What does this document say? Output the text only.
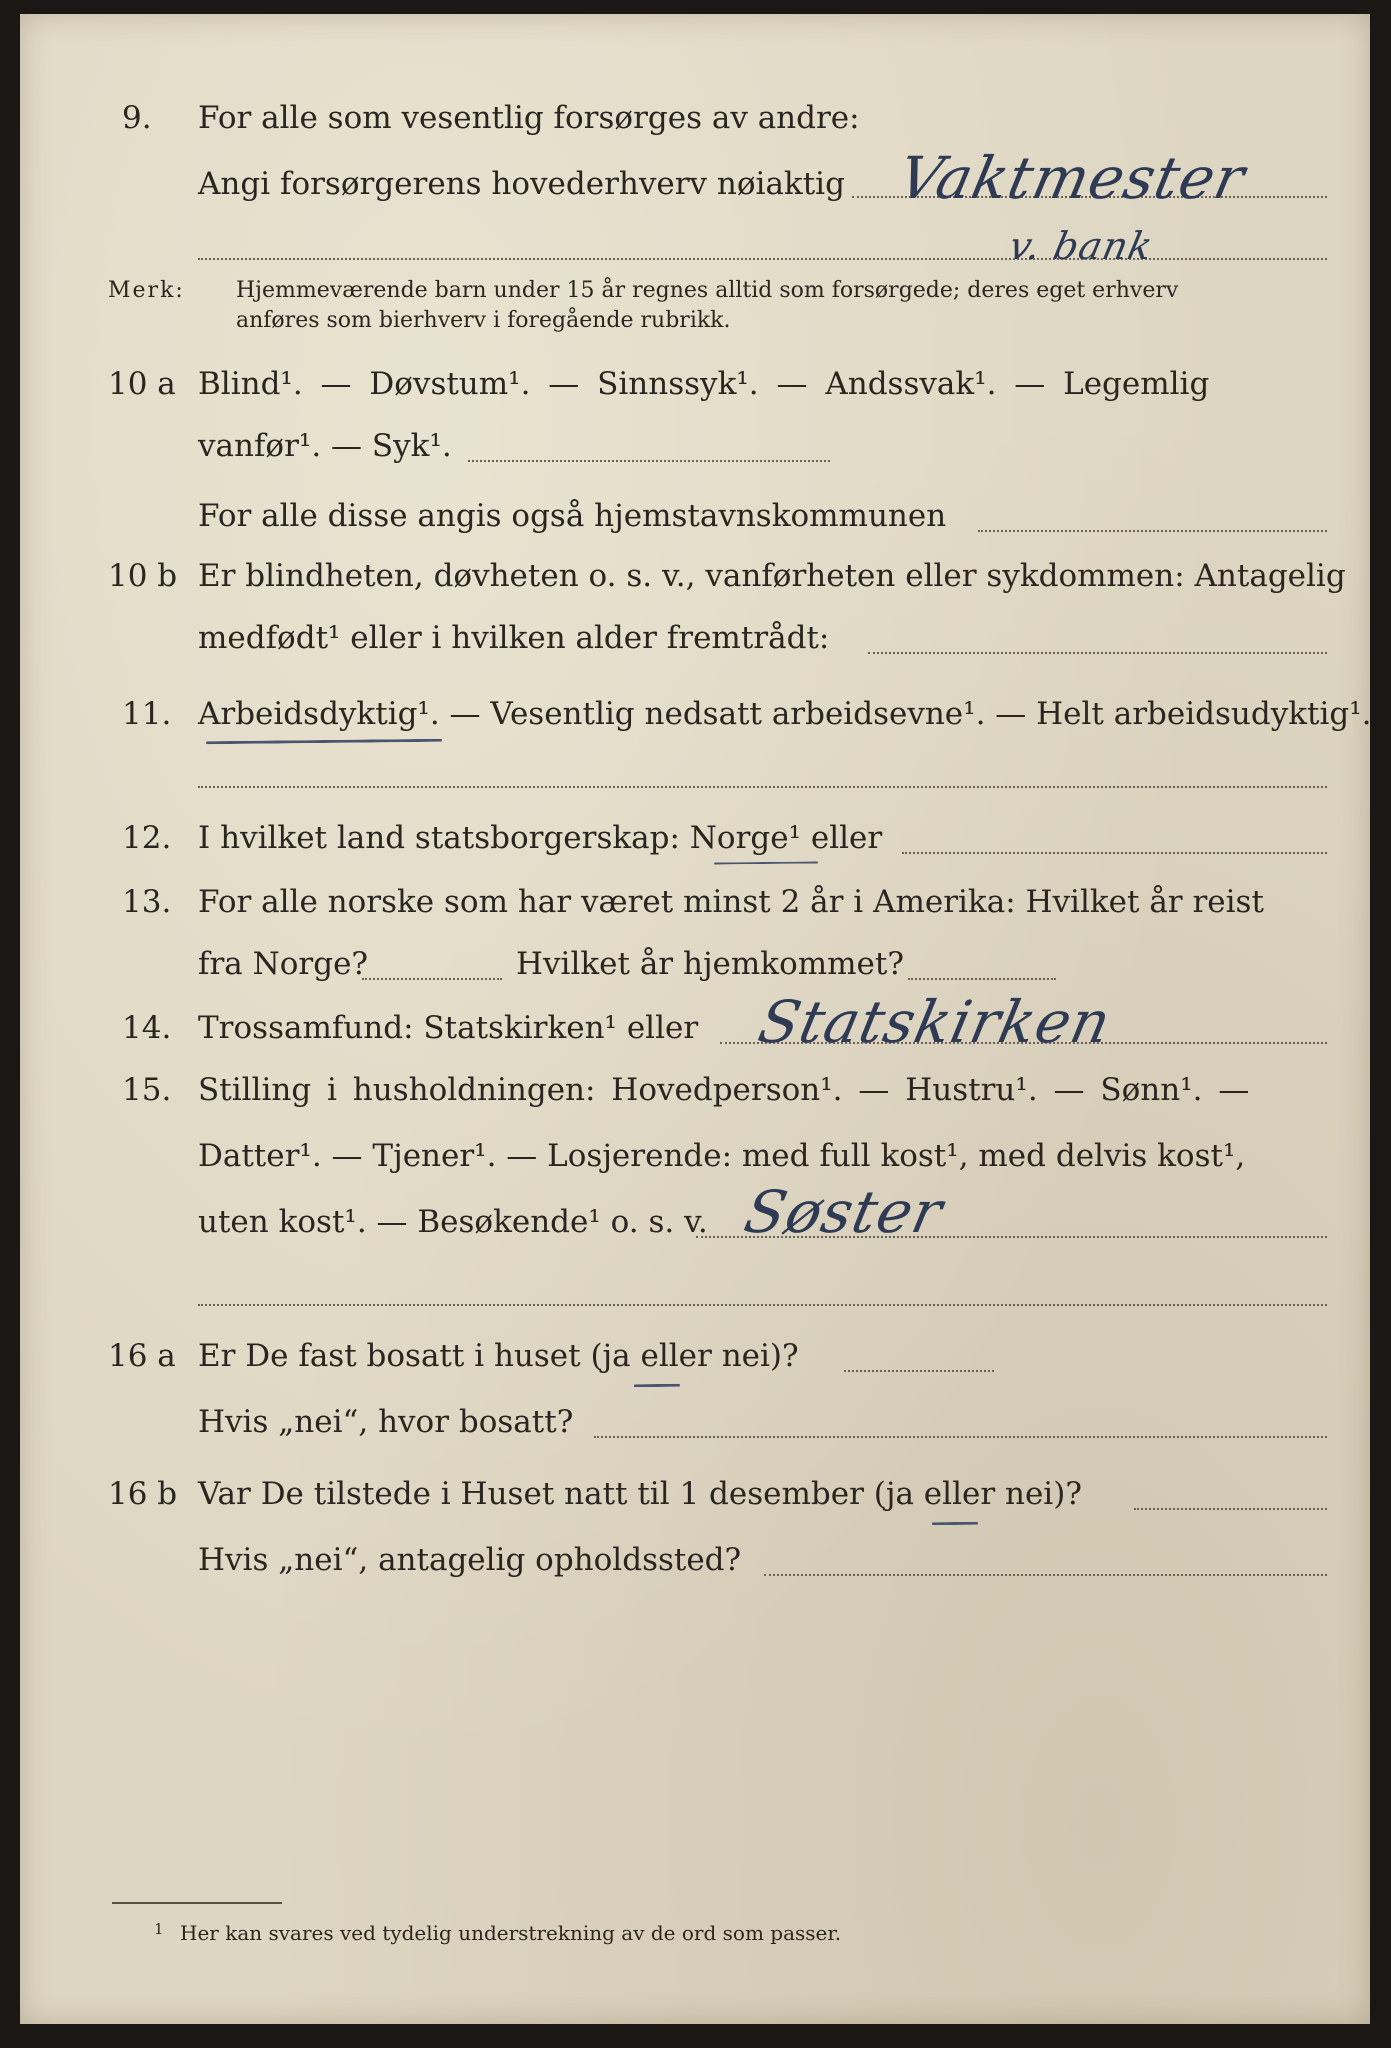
9. For alle som vesentlig forsørges av andre:
Angi forsørgerens hovederhverv nøiaktig Vaktmester
v. bank
Merk: Hjemmeværende barn under 15 år regnes alltid som forsørgede; deres eget erhverv
anføres som bierhverv i foregående rubrikk.
10 a Blind¹. — Døvstum¹. — Sinnssyk¹. — Andssvak¹. — Legemlig
vanfør¹. — Syk¹.
For alle disse angis også hjemstavnskommunen
10 b Er blindheten, døvheten o. s. v., vanførheten eller sykdommen: Antagelig
medfødt¹ eller i hvilken alder fremtrådt:
11. Arbeidsdyktig¹. — Vesentlig nedsatt arbeidsevne¹. — Helt arbeidsudyktig¹.
12. I hvilket land statsborgerskap: Norge¹ eller
13. For alle norske som har været minst 2 år i Amerika: Hvilket år reist
fra Norge?	Hvilket år hjemkommet?
14. Trossamfund: Statskirken¹ eller Statskirken
15. Stilling i husholdningen: Hovedperson¹. — Hustru¹. — Sønn¹. —
Datter¹. — Tjener¹. — Losjerende: med full kost¹, med delvis kost¹,
uten kost¹. — Besøkende¹ o. s. v. Søster
16 a Er De fast bosatt i huset (ja eller nei)?
Hvis „nei“, hvor bosatt?
16 b Var De tilstede i Huset natt til 1 desember (ja eller nei)?
Hvis „nei“, antagelig opholdssted?
1 Her kan svares ved tydelig understrekning av de ord som passer.
